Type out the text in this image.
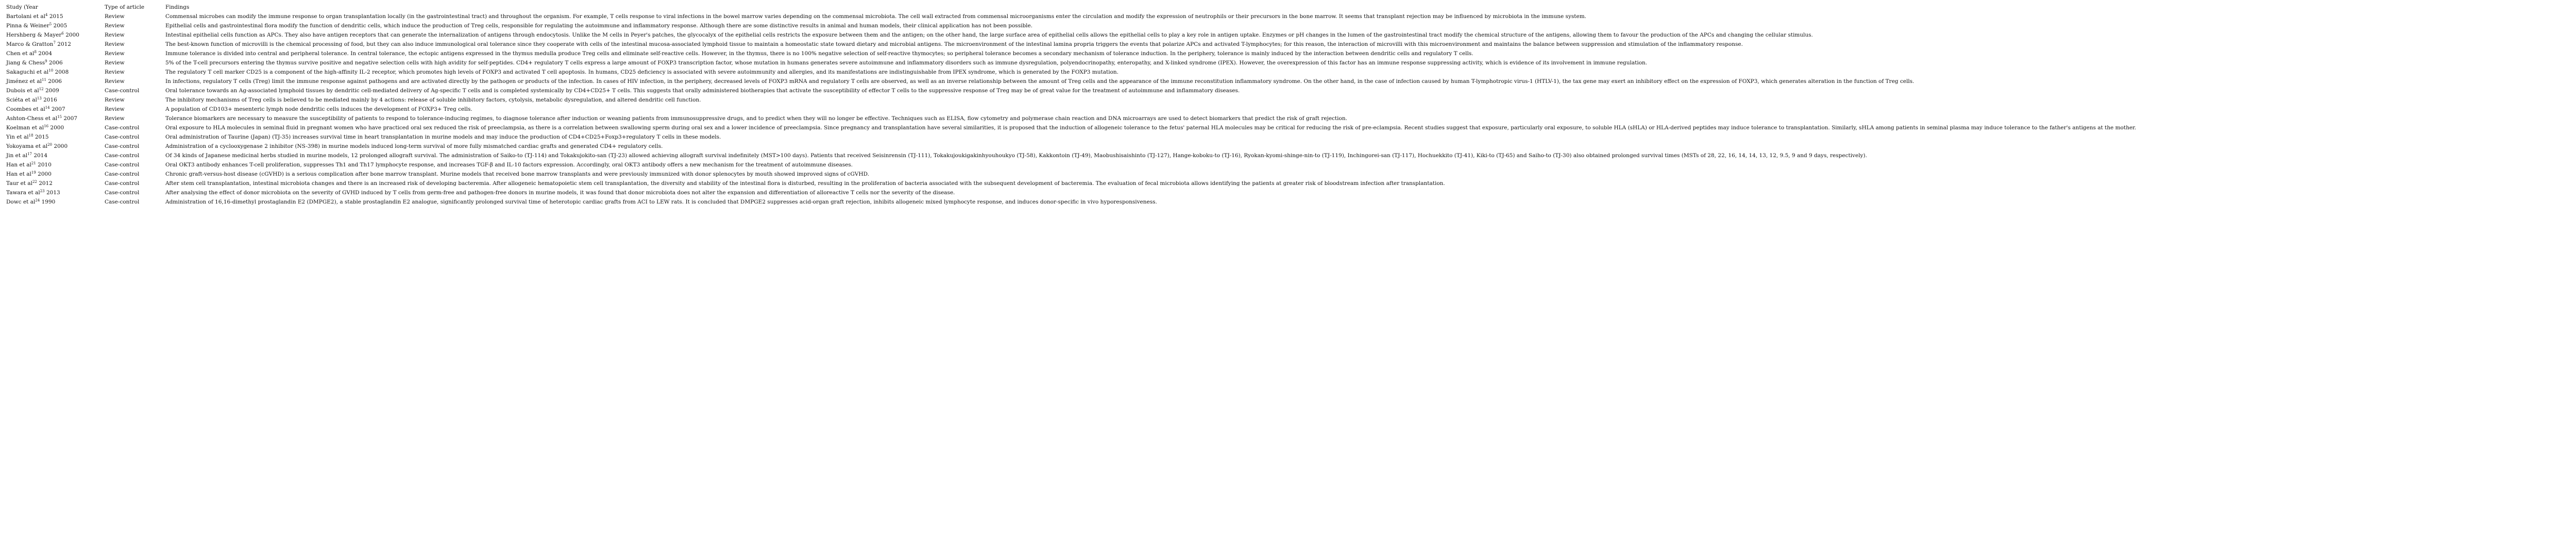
Study (Year	Type of article	Findings
Bartolani et $al^4$ 2015	Review	Commensal microbes can modify the immune response to organ transplantation locally (in the gastrointestinal tract) and throughout the organism. For example, T cells response to viral infections in the bowel marrow varies depending on the commensal microbiota. The cell wall extracted from commensal microorganisms enter the circulation and modify the expression of neutrophils or their precursors in the bone marrow. It seems that transplant rejection may be influenced by microbiota in the immune system.
Pinna & Weiner$^5$ 2005	Review	Epithelial cells and gastrointestinal flora modify the function of dendritic cells, which induce the production of Treg cells, responsible for regulating the autoimmune and inflammatory response. Although there are some distinctive results in animal and human models, their clinical application has not been possible.
Hershberg & Mayer$^6$ 2000	Review	Intestinal epithelial cells function as APCs. They also have antigen receptors that can generate the internalization of antigens through endocytosis. Unlike the M cells in Peyer's patches, the glycocalyx of the epithelial cells restricts the exposure between them and the antigen; on the other hand, the large surface area of epithelial cells allows the epithelial cells to play a key role in antigen uptake. Enzymes or pH changes in the lumen of the gastrointestinal tract modify the chemical structure of the antigens, allowing them to favour the production of the APCs and changing the cellular stimulus.
Marco & Gratton$^7$ 2012	Review	The best-known function of microvilli is the chemical processing of food, but they can also induce immunological oral tolerance since they cooperate with cells of the intestinal mucosa-associated lymphoid tissue to maintain a homeostatic state toward dietary and microbial antigens. The microenvironment of the intestinal lamina propria triggers the events that polarize APCs and activated T-lymphocytes; for this reason, the interaction of microvilli with this microenvironment and maintains the balance between suppression and stimulation of the inflammatory response.
Chen et $al^8$ 2004	Review	Immune tolerance is divided into central and peripheral tolerance. In central tolerance, the ectopic antigens expressed in the thymus medulla produce Treg cells and eliminate self-reactive cells. However, in the thymus, there is no 100% negative selection of self-reactive thymocytes; so peripheral tolerance becomes a secondary mechanism of tolerance induction. In the periphery, tolerance is mainly induced by the interaction between dendritic cells and regulatory T cells.
Jiang & Chess$^9$ 2006	Review	5% of the T-cell precursors entering the thymus survive positive and negative selection cells with high avidity for self-peptides. CD4+ regulatory T cells express a large amount of FOXP3 transcription factor, whose mutation in humans generates severe autoimmune and inflammatory disorders such as immune dysregulation, polyendocrinopathy, enteropathy, and X-linked syndrome (IPEX). However, the overexpression of this factor has an immune response suppressing activity, which is evidence of its involvement in immune regulation.
Sakaguchi et $al^{10}$ 2008	Review	The regulatory T cell marker CD25 is a component of the high-affinity IL-2 receptor, which promotes high levels of FOXP3 and activated T cell apoptosis. In humans, CD25 deficiency is associated with severe autoimmunity and allergies, and its manifestations are indistinguishable from IPEX syndrome, which is generated by the FOXP3 mutation.
Jiménez et $al^{11}$ 2006	Review	In infections, regulatory T cells (Treg) limit the immune response against pathogens and are activated directly by the pathogen or products of the infection. In cases of HIV infection, in the periphery, decreased levels of FOXP3 mRNA and regulatory T cells are observed, as well as an inverse relationship between the amount of Treg cells and the appearance of the immune reconstitution inflammatory syndrome. On the other hand, in the case of infection caused by human T-lymphotropic virus-1 (HTLV-1), the tax gene may exert an inhibitory effect on the expression of FOXP3, which generates alteration in the function of Treg cells.
Dubois et $al^{12}$ 2009	Case-control	Oral tolerance towards an Ag-associated lymphoid tissues by dendritic cell-mediated delivery of Ag-specific T cells and is completed systemically by CD4+CD25+ T cells. This suggests that orally administered biotherapies that activate the susceptibility of effector T cells to the suppressive response of Treg may be of great value for the treatment of autoimmune and inflammatory diseases.
Sciéta et $al^{13}$ 2016	Review	The inhibitory mechanisms of Treg cells is believed to be mediated mainly by 4 actions: release of soluble inhibitory factors, cytolysis, metabolic dysregulation, and altered dendritic cell function.
Coombes et $al^{14}$ 2007	Review	A population of CD103+ mesenteric lymph node dendritic cells induces the development of FOXP3+ Treg cells.
Ashton-Chess et $al^{15}$ 2007	Review	Tolerance biomarkers are necessary to measure the susceptibility of patients to respond to tolerance-inducing regimes, to diagnose tolerance after induction or weaning patients from immunosuppressive drugs, and to predict when they will no longer be effective. Techniques such as ELISA, flow cytometry and polymerase chain reaction and DNA microarrays are used to detect biomarkers that predict the risk of graft rejection.
Koelman et $al^{16}$ 2000	Case-control	Oral exposure to HLA molecules in seminal fluid in pregnant women who have practiced oral sex reduced the risk of preeclampsia, as there is a correlation between swallowing sperm during oral sex and a lower incidence of preeclampsia. Since pregnancy and transplantation have several similarities, it is proposed that the induction of allogeneic tolerance to the fetus' paternal HLA molecules may be critical for reducing the risk of pre-eclampsia. Recent studies suggest that exposure, particularly oral exposure, to soluble HLA (sHLA) or HLA-derived peptides may induce tolerance to transplantation. Similarly, sHLA among patients in seminal plasma may induce tolerance to the father's antigens at the mother.
Yin et $al^{18}$ 2015	Case-control	Oral administration of Taurine (Japan) (TJ-35) increases survival time in heart transplantation in murine models and may induce the production of CD4+CD25+Foxp3+regulatory T cells in these models.
Yokoyama et $al^{20}$ 2000	Case-control	Administration of a cyclooxygenase 2 inhibitor (NS-398) in murine models induced long-term survival of more fully mismatched cardiac grafts and generated CD4+ regulatory cells.
Jin et $al^{17}$ 2014	Case-control	Of 34 kinds of Japanese medicinal herbs studied in murine models, 12 prolonged allograft survival. The administration of Saiko-to (TJ-114) and Tokakujokito-san (TJ-23) allowed achieving allograft survival indefinitely (MST>100 days). Patients that received Seisinrensin (TJ-111), Tokakujoukigakinhyouhoukyo (TJ-58), Kakkontoin (TJ-49), Maobushisaishinto (TJ-127), Hange-koboku-to (TJ-16), Ryokan-kyomi-shinge-nin-to (TJ-119), Inchingorei-san (TJ-117), Hochuekkito (TJ-41), Kiki-to (TJ-65) and Saiho-to (TJ-30) also obtained prolonged survival times (MSTs of 28, 22, 16, 14, 14, 13, 12, 9.5, 9 and 9 days, respectively).
Han et $al^{21}$ 2010	Case-control	Oral OKT3 antibody enhances T-cell proliferation, suppresses Th1 and Th17 lymphocyte response, and increases TGF-β and IL-10 factors expression. Accordingly, oral OKT3 antibody offers a new mechanism for the treatment of autoimmune diseases.
Han et $al^{19}$ 2000	Case-control	Chronic graft-versus-host disease (cGVHD) is a serious complication after bone marrow transplant. Murine models that received bone marrow transplants and were previously immunized with donor splenocytes by mouth showed improved signs of cGVHD.
Taur et $al^{22}$ 2012	Case-control	After stem cell transplantation, intestinal microbiota changes and there is an increased risk of developing bacteremia. After allogeneic hematopoietic stem cell transplantation, the diversity and stability of the intestinal flora is disturbed, resulting in the proliferation of bacteria associated with the subsequent development of bacteremia. The evaluation of fecal microbiota allows identifying the patients at greater risk of bloodstream infection after transplantation.
Tawara et $al^{23}$ 2013	Case-control	After analysing the effect of donor microbiota on the severity of GVHD induced by T cells from germ-free and pathogen-free donors in murine models, it was found that donor microbiota does not alter the expansion and differentiation of alloreactive T cells nor the severity of the disease.
Dowc et $al^{24}$ 1990	Case-control	Administration of 16,16-dimethyl prostaglandin E2 (DMPGE2), a stable prostaglandin E2 analogue, significantly prolonged survival time of heterotopic cardiac grafts from ACI to LEW rats. It is concluded that DMPGE2 suppresses acid-organ graft rejection, inhibits allogeneic mixed lymphocyte response, and induces donor-specific in vivo hyporesponsiveness.
